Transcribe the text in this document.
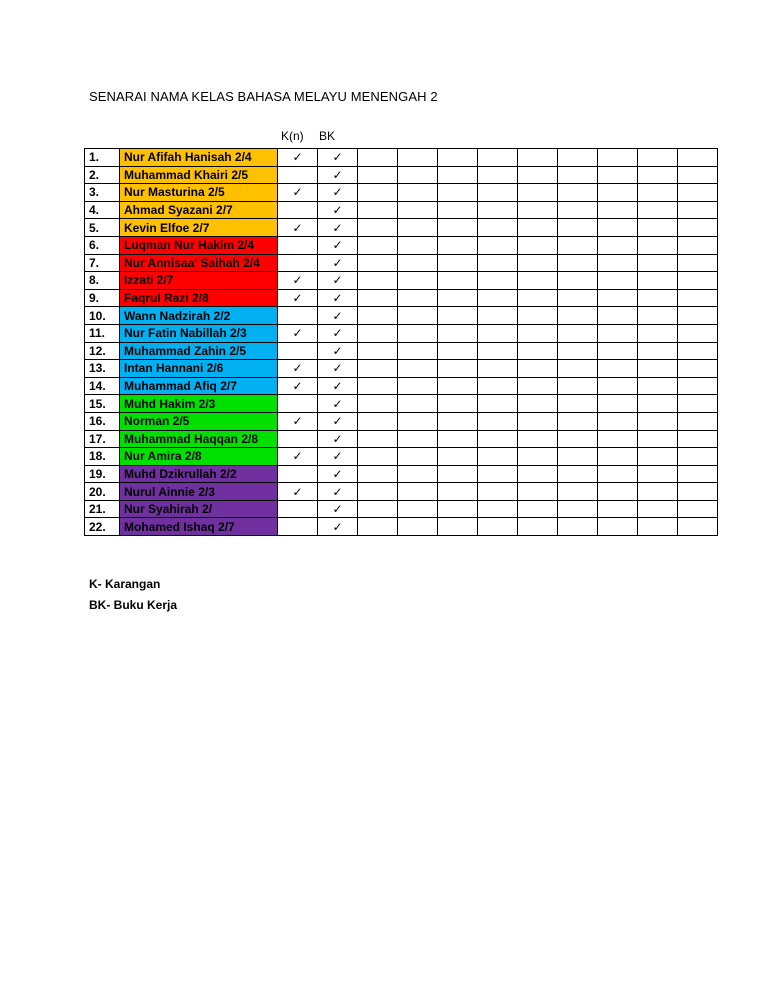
SENARAI NAMA KELAS BAHASA MELAYU MENENGAH 2
K(n) BK
1.	Nur Afifah Hanisah 2/4	✓	✓									
2.	Muhammad Khairi 2/5		✓									
3.	Nur Masturina 2/5	✓	✓									
4.	Ahmad Syazani 2/7		✓									
5.	Kevin Elfoe 2/7	✓	✓									
6.	Luqman Nur Hakim 2/4		✓									
7.	Nur Annisaa' Saihah 2/4		✓									
8.	Izzati 2/7	✓	✓									
9.	Faqrul Razi 2/8	✓	✓									
10.	Wann Nadzirah 2/2		✓									
11.	Nur Fatin Nabillah 2/3	✓	✓									
12.	Muhammad Zahin 2/5		✓									
13.	Intan Hannani 2/6	✓	✓									
14.	Muhammad Afiq 2/7	✓	✓									
15.	Muhd Hakim 2/3		✓									
16.	Norman 2/5	✓	✓									
17.	Muhammad Haqqan 2/8		✓									
18.	Nur Amira 2/8	✓	✓									
19.	Muhd Dzikrullah 2/2		✓									
20.	Nurul Ainnie 2/3	✓	✓									
21.	Nur Syahirah 2/		✓									
22.	Mohamed Ishaq 2/7		✓									
K- Karangan
BK- Buku Kerja
